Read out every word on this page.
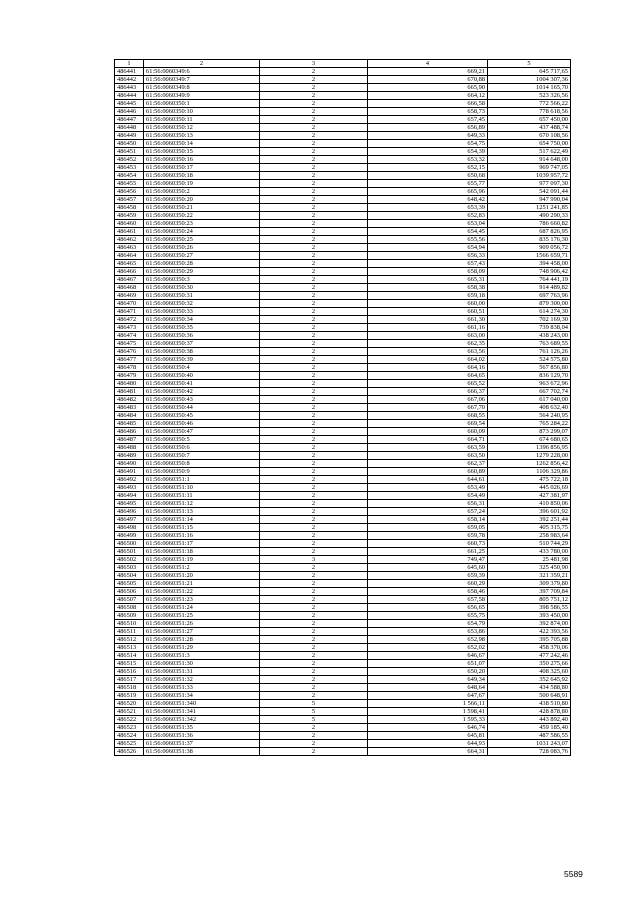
1	2	3	4	5
486441	61:56:0060349:6	2	669,21	645 717,65
486442	61:56:0060349:7	2	670,88	1004 307,36
486443	61:56:0060349:8	2	665,90	1014 165,70
486444	61:56:0060349:9	2	664,12	523 326,56
486445	61:56:0060350:1	2	666,58	772 566,22
486446	61:56:0060350:10	2	658,73	778 618,56
486447	61:56:0060350:11	2	657,45	657 450,00
486448	61:56:0060350:12	2	656,89	437 488,74
486449	61:56:0060350:13	2	649,33	670 108,56
486450	61:56:0060350:14	2	654,75	654 750,00
486451	61:56:0060350:15	2	654,39	517 622,49
486452	61:56:0060350:16	2	653,32	914 648,00
486453	61:56:0060350:17	2	652,15	969 747,05
486454	61:56:0060350:18	2	650,68	1039 957,72
486455	61:56:0060350:19	2	655,77	977 097,30
486456	61:56:0060350:2	2	665,96	542 091,44
486457	61:56:0060350:20	2	648,42	947 990,04
486458	61:56:0060350:21	2	653,39	1251 241,85
486459	61:56:0060350:22	2	652,83	490 290,33
486460	61:56:0060350:23	2	653,04	786 660,82
486461	61:56:0060350:24	2	654,45	687 826,95
486462	61:56:0060350:25	2	655,56	835 176,30
486463	61:56:0060350:26	2	654,94	909 056,72
486464	61:56:0060350:27	2	656,33	1566 659,71
486465	61:56:0060350:28	2	657,43	394 458,00
486466	61:56:0060350:29	2	658,09	748 906,42
486467	61:56:0060350:3	2	665,31	764 441,19
486468	61:56:0060350:30	2	658,38	914 489,82
486469	61:56:0060350:31	2	659,18	697 763,96
486470	61:56:0060350:32	2	660,00	879 300,00
486471	61:56:0060350:33	2	660,51	614 274,30
486472	61:56:0060350:34	2	661,30	702 169,30
486473	61:56:0060350:35	2	661,16	739 838,04
486474	61:56:0060350:36	2	663,00	438 243,00
486475	61:56:0060350:37	2	662,35	763 689,55
486476	61:56:0060350:38	2	663,56	761 126,26
486477	61:56:0060350:39	2	664,02	524 575,80
486478	61:56:0060350:4	2	664,16	567 856,80
486479	61:56:0060350:40	2	664,65	836 129,70
486480	61:56:0060350:41	2	665,52	963 672,96
486481	61:56:0060350:42	2	666,37	667 702,74
486482	61:56:0060350:43	2	667,06	617 040,00
486483	61:56:0060350:44	2	667,70	408 632,40
486484	61:56:0060350:45	2	668,55	564 240,95
486485	61:56:0060350:46	2	669,54	765 284,22
486486	61:56:0060350:47	2	660,09	873 299,07
486487	61:56:0060350:5	2	664,71	674 680,65
486488	61:56:0060350:6	2	663,59	1396 856,95
486489	61:56:0060350:7	2	663,50	1279 228,00
486490	61:56:0060350:8	2	662,37	1262 856,42
486491	61:56:0060350:9	2	660,89	1106 329,86
486492	61:56:0060351:1	2	644,61	475 722,18
486493	61:56:0060351:10	2	653,49	445 026,69
486494	61:56:0060351:11	2	654,49	427 381,97
486495	61:56:0060351:12	2	656,31	410 850,06
486496	61:56:0060351:13	2	657,24	396 601,92
486497	61:56:0060351:14	2	658,14	392 251,44
486498	61:56:0060351:15	2	659,05	405 315,75
486499	61:56:0060351:16	2	659,78	258 983,64
486500	61:56:0060351:17	2	660,73	510 744,29
486501	61:56:0060351:18	2	661,25	433 780,00
486502	61:56:0060351:19	3	749,47	25 481,98
486503	61:56:0060351:2	2	645,60	325 450,90
486504	61:56:0060351:20	2	659,39	321 359,21
486505	61:56:0060351:21	2	660,29	309 379,80
486506	61:56:0060351:22	2	658,46	397 709,84
486507	61:56:0060351:23	2	657,58	805 751,12
486508	61:56:0060351:24	2	656,65	398 586,55
486509	61:56:0060351:25	2	655,75	393 450,00
486510	61:56:0060351:26	2	654,79	392 874,00
486511	61:56:0060351:27	2	653,86	422 393,56
486512	61:56:0060351:28	2	652,98	395 705,88
486513	61:56:0060351:29	2	652,02	458 370,06
486514	61:56:0060351:3	2	646,67	477 242,46
486515	61:56:0060351:30	2	651,07	350 275,66
486516	61:56:0060351:31	2	650,20	408 325,60
486517	61:56:0060351:32	2	649,34	352 645,92
486518	61:56:0060351:33	2	648,64	434 588,80
486519	61:56:0060351:34	2	647,67	500 648,91
486520	61:56:0060351:340	5	1 566,11	438 510,80
486521	61:56:0060351:341	5	1 598,41	428 878,80
486522	61:56:0060351:342	5	1 595,33	443 892,40
486523	61:56:0060351:35	2	646,74	459 185,40
486524	61:56:0060351:36	2	645,81	487 586,55
486525	61:56:0060351:37	2	644,93	1031 243,07
486526	61:56:0060351:38	2	664,31	728 083,76
5589
